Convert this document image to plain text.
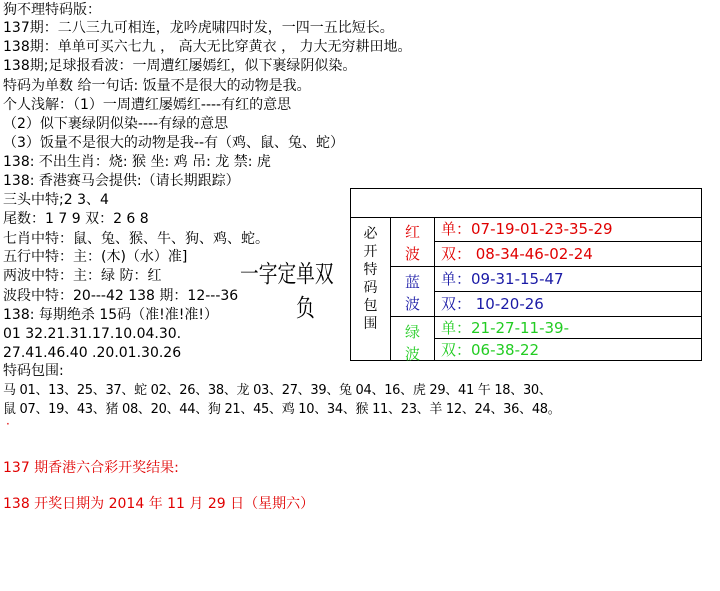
狗不理特码版：
137期：二八三九可相连，龙吟虎啸四时发，一四一五比短长。
138期：单单可买六七九 ， 高大无比穿黄衣 ， 力大无穷耕田地。
138期;足球报看波：一周遭红屡嫣红，似下裹绿阴似染。
特码为单数 给一句话: 饭量不是很大的动物是我。
个人浅解：（1）一周遭红屡嫣红----有红的意思
（2）似下裹绿阴似染----有绿的意思
（3）饭量不是很大的动物是我--有（鸡、鼠、兔、蛇）
138: 不出生肖：烧: 猴 坐: 鸡 吊: 龙 禁: 虎
138: 香港赛马会提供:（请长期跟踪）
三头中特;2 3、4
尾数：1 7 9 双：2 6 8
七肖中特：鼠、兔、猴、牛、狗、鸡、蛇。
五行中特：主：(木)（水）准]
两波中特：主：绿 防：红
波段中特：20---42 138 期：12---36
138: 每期绝杀 15码（准!准!准!）
01 32.21.31.17.10.04.30.
27.41.46.40 .20.01.30.26
特码包围:
马 01、13、25、37、蛇 02、26、38、龙 03、27、39、兔 04、16、虎 29、41 午 18、30、
鼠 07、19、43、猪 08、20、44、狗 21、45、鸡 10、34、猴 11、23、羊 12、24、36、48。
·
137 期香港六合彩开奖结果:
138 开奖日期为 2014 年 11 月 29 日（星期六）
一字定单双
负
必
开
特
码
包
围
红
波
单：07-19-01-23-35-29
双： 08-34-46-02-24
蓝
波
单：09-31-15-47
双： 10-20-26
绿
波
单：21-27-11-39-
双：06-38-22
